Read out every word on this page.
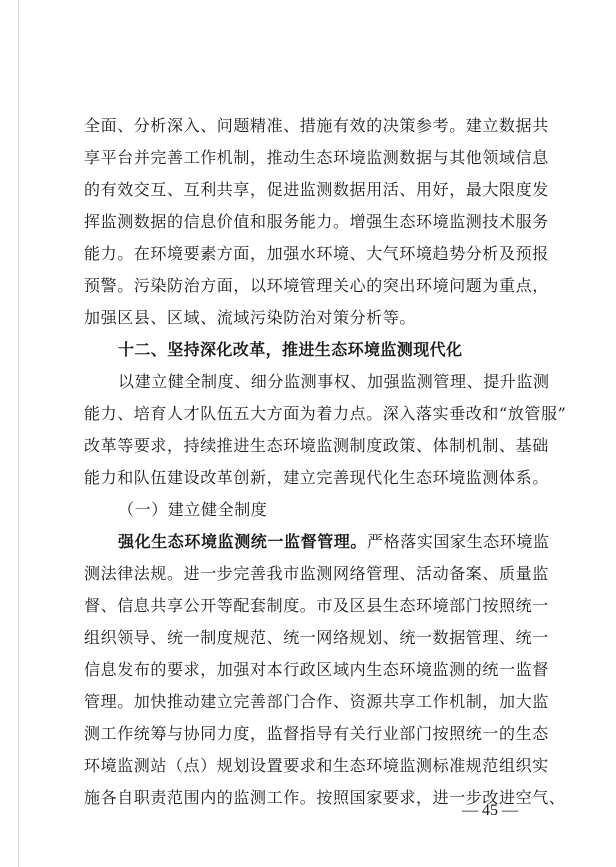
全面、分析深入、问题精准、措施有效的决策参考。建立数据共
享平台并完善工作机制，推动生态环境监测数据与其他领域信息
的有效交互、互利共享，促进监测数据用活、用好，最大限度发
挥监测数据的信息价值和服务能力。增强生态环境监测技术服务
能力。在环境要素方面，加强水环境、大气环境趋势分析及预报
预警。污染防治方面，以环境管理关心的突出环境问题为重点，
加强区县、区域、流域污染防治对策分析等。
十二、坚持深化改革，推进生态环境监测现代化
以建立健全制度、细分监测事权、加强监测管理、提升监测
能力、培育人才队伍五大方面为着力点。深入落实垂改和“放管服”
改革等要求，持续推进生态环境监测制度政策、体制机制、基础
能力和队伍建设改革创新，建立完善现代化生态环境监测体系。
（一）建立健全制度
强化生态环境监测统一监督管理。严格落实国家生态环境监
测法律法规。进一步完善我市监测网络管理、活动备案、质量监
督、信息共享公开等配套制度。市及区县生态环境部门按照统一
组织领导、统一制度规范、统一网络规划、统一数据管理、统一
信息发布的要求，加强对本行政区域内生态环境监测的统一监督
管理。加快推动建立完善部门合作、资源共享工作机制，加大监
测工作统筹与协同力度，监督指导有关行业部门按照统一的生态
环境监测站（点）规划设置要求和生态环境监测标准规范组织实
施各自职责范围内的监测工作。按照国家要求，进一步改进空气、
— 45 —
